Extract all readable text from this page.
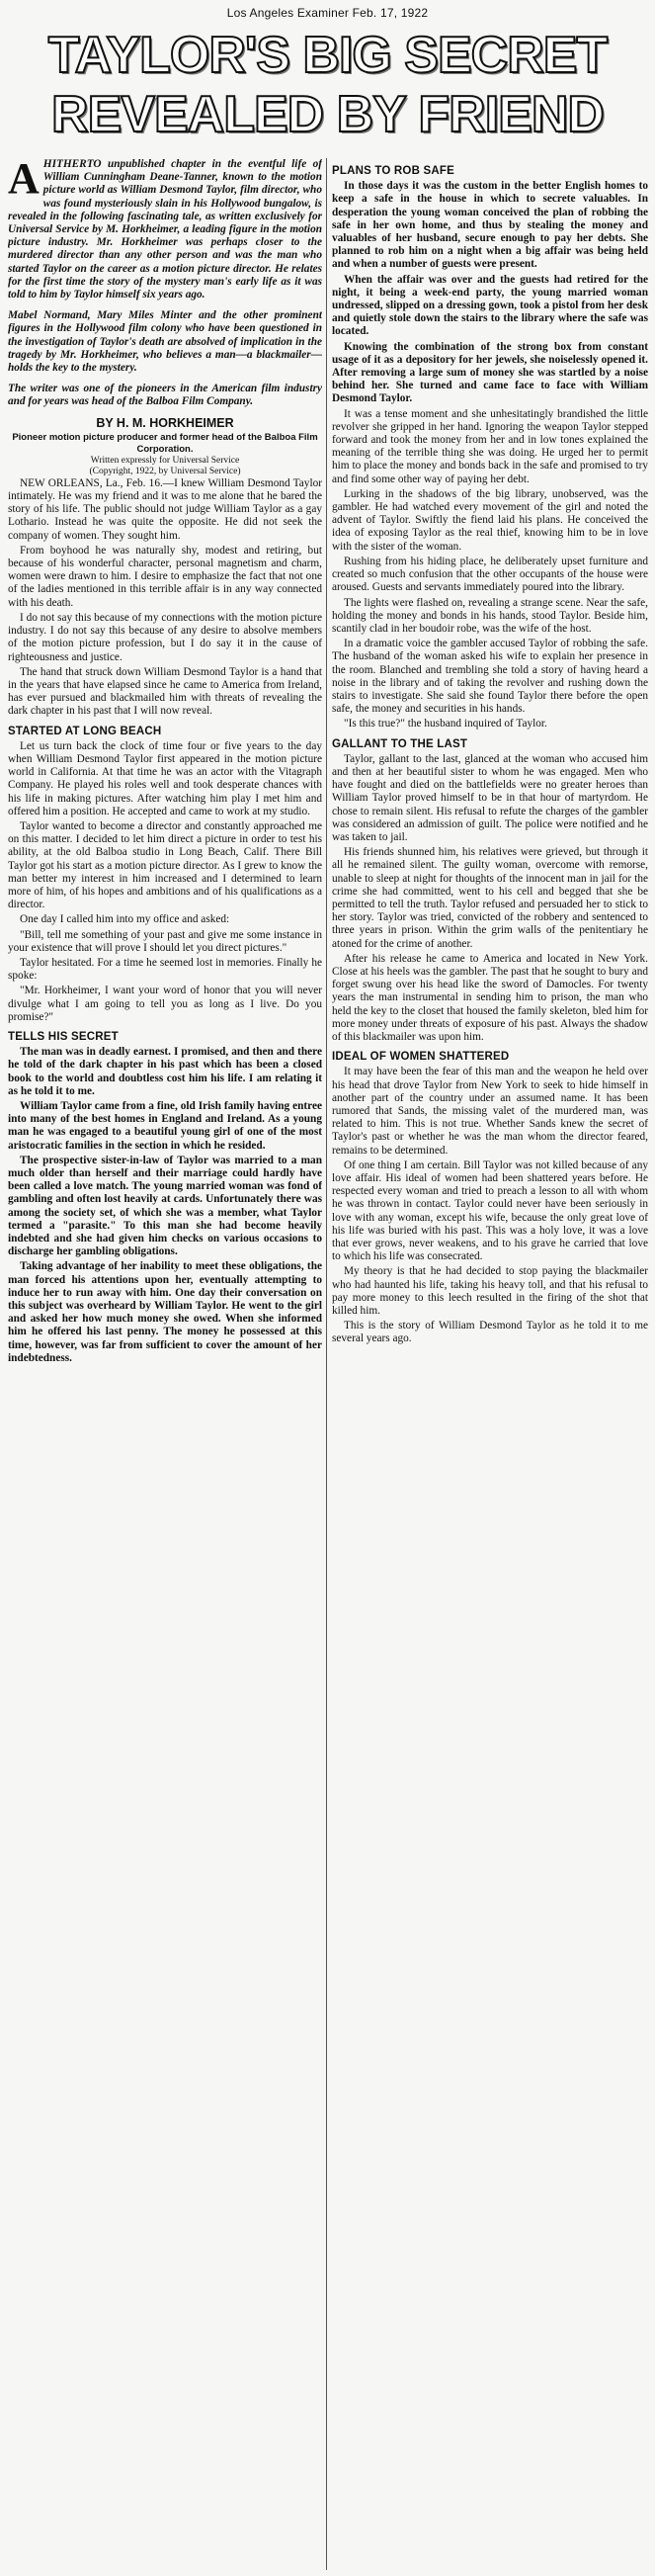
Los Angeles Examiner Feb. 17, 1922
TAYLOR'S BIG SECRET
REVEALED BY FRIEND

AHITHERTO unpublished chapter in the eventful life of William Cunningham Deane-Tanner, known to the motion picture world as William Desmond Taylor, film director, who was found mysteriously slain in his Hollywood bungalow, is revealed in the following fascinating tale, as written exclusively for Universal Service by M. Horkheimer, a leading figure in the motion picture industry. Mr. Horkheimer was perhaps closer to the murdered director than any other person and was the man who started Taylor on the career as a motion picture director. He relates for the first time the story of the mystery man's early life as it was told to him by Taylor himself six years ago.

Mabel Normand, Mary Miles Minter and the other prominent figures in the Hollywood film colony who have been questioned in the investigation of Taylor's death are absolved of implication in the tragedy by Mr. Horkheimer, who believes a man—a blackmailer—holds the key to the mystery.

The writer was one of the pioneers in the American film industry and for years was head of the Balboa Film Company.

BY H. M. HORKHEIMER

Pioneer motion picture producer and former head of the Balboa Film Corporation.

Written expressly for Universal Service

(Copyright, 1922, by Universal Service)

NEW ORLEANS, La., Feb. 16.—I knew William Desmond Taylor intimately. He was my friend and it was to me alone that he bared the story of his life. The public should not judge William Taylor as a gay Lothario. Instead he was quite the opposite. He did not seek the company of women. They sought him.

From boyhood he was naturally shy, modest and retiring, but because of his wonderful character, personal magnetism and charm, women were drawn to him. I desire to emphasize the fact that not one of the ladies mentioned in this terrible affair is in any way connected with his death.

I do not say this because of my connections with the motion picture industry. I do not say this because of any desire to absolve members of the motion picture profession, but I do say it in the cause of righteousness and justice.

The hand that struck down William Desmond Taylor is a hand that in the years that have elapsed since he came to America from Ireland, has ever pursued and blackmailed him with threats of revealing the dark chapter in his past that I will now reveal.

STARTED AT LONG BEACH

Let us turn back the clock of time four or five years to the day when William Desmond Taylor first appeared in the motion picture world in California. At that time he was an actor with the Vitagraph Company. He played his roles well and took desperate chances with his life in making pictures. After watching him play I met him and offered him a position. He accepted and came to work at my studio.

Taylor wanted to become a director and constantly approached me on this matter. I decided to let him direct a picture in order to test his ability, at the old Balboa studio in Long Beach, Calif. There Bill Taylor got his start as a motion picture director. As I grew to know the man better my interest in him increased and I determined to learn more of him, of his hopes and ambitions and of his qualifications as a director.

One day I called him into my office and asked:

"Bill, tell me something of your past and give me some instance in your existence that will prove I should let you direct pictures."

Taylor hesitated. For a time he seemed lost in memories. Finally he spoke:

"Mr. Horkheimer, I want your word of honor that you will never divulge what I am going to tell you as long as I live. Do you promise?"

TELLS HIS SECRET

The man was in deadly earnest. I promised, and then and there he told of the dark chapter in his past which has been a closed book to the world and doubtless cost him his life. I am relating it as he told it to me.

William Taylor came from a fine, old Irish family having entree into many of the best homes in England and Ireland. As a young man he was engaged to a beautiful young girl of one of the most aristocratic families in the section in which he resided.

The prospective sister-in-law of Taylor was married to a man much older than herself and their marriage could hardly have been called a love match. The young married woman was fond of gambling and often lost heavily at cards. Unfortunately there was among the society set, of which she was a member, what Taylor termed a "parasite." To this man she had become heavily indebted and she had given him checks on various occasions to discharge her gambling obligations.

Taking advantage of her inability to meet these obligations, the man forced his attentions upon her, eventually attempting to induce her to run away with him. One day their conversation on this subject was overheard by William Taylor. He went to the girl and asked her how much money she owed. When she informed him he offered his last penny. The money he possessed at this time, however, was far from sufficient to cover the amount of her indebtedness.

PLANS TO ROB SAFE

In those days it was the custom in the better English homes to keep a safe in the house in which to secrete valuables. In desperation the young woman conceived the plan of robbing the safe in her own home, and thus by stealing the money and valuables of her husband, secure enough to pay her debts. She planned to rob him on a night when a big affair was being held and when a number of guests were present.

When the affair was over and the guests had retired for the night, it being a week-end party, the young married woman undressed, slipped on a dressing gown, took a pistol from her desk and quietly stole down the stairs to the library where the safe was located.

Knowing the combination of the strong box from constant usage of it as a depository for her jewels, she noiselessly opened it. After removing a large sum of money she was startled by a noise behind her. She turned and came face to face with William Desmond Taylor.

It was a tense moment and she unhesitatingly brandished the little revolver she gripped in her hand. Ignoring the weapon Taylor stepped forward and took the money from her and in low tones explained the meaning of the terrible thing she was doing. He urged her to permit him to place the money and bonds back in the safe and promised to try and find some other way of paying her debt.

Lurking in the shadows of the big library, unobserved, was the gambler. He had watched every movement of the girl and noted the advent of Taylor. Swiftly the fiend laid his plans. He conceived the idea of exposing Taylor as the real thief, knowing him to be in love with the sister of the woman.

Rushing from his hiding place, he deliberately upset furniture and created so much confusion that the other occupants of the house were aroused. Guests and servants immediately poured into the library.

The lights were flashed on, revealing a strange scene. Near the safe, holding the money and bonds in his hands, stood Taylor. Beside him, scantily clad in her boudoir robe, was the wife of the host.

In a dramatic voice the gambler accused Taylor of robbing the safe. The husband of the woman asked his wife to explain her presence in the room. Blanched and trembling she told a story of having heard a noise in the library and of taking the revolver and rushing down the stairs to investigate. She said she found Taylor there before the open safe, the money and securities in his hands.

"Is this true?" the husband inquired of Taylor.

GALLANT TO THE LAST

Taylor, gallant to the last, glanced at the woman who accused him and then at her beautiful sister to whom he was engaged. Men who have fought and died on the battlefields were no greater heroes than William Taylor proved himself to be in that hour of martyrdom. He chose to remain silent. His refusal to refute the charges of the gambler was considered an admission of guilt. The police were notified and he was taken to jail.

His friends shunned him, his relatives were grieved, but through it all he remained silent. The guilty woman, overcome with remorse, unable to sleep at night for thoughts of the innocent man in jail for the crime she had committed, went to his cell and begged that she be permitted to tell the truth. Taylor refused and persuaded her to stick to her story. Taylor was tried, convicted of the robbery and sentenced to three years in prison. Within the grim walls of the penitentiary he atoned for the crime of another.

After his release he came to America and located in New York. Close at his heels was the gambler. The past that he sought to bury and forget swung over his head like the sword of Damocles. For twenty years the man instrumental in sending him to prison, the man who held the key to the closet that housed the family skeleton, bled him for more money under threats of exposure of his past. Always the shadow of this blackmailer was upon him.

IDEAL OF WOMEN SHATTERED

It may have been the fear of this man and the weapon he held over his head that drove Taylor from New York to seek to hide himself in another part of the country under an assumed name. It has been rumored that Sands, the missing valet of the murdered man, was related to him. This is not true. Whether Sands knew the secret of Taylor's past or whether he was the man whom the director feared, remains to be determined.

Of one thing I am certain. Bill Taylor was not killed because of any love affair. His ideal of women had been shattered years before. He respected every woman and tried to preach a lesson to all with whom he was thrown in contact. Taylor could never have been seriously in love with any woman, except his wife, because the only great love of his life was buried with his past. This was a holy love, it was a love that ever grows, never weakens, and to his grave he carried that love to which his life was consecrated.

My theory is that he had decided to stop paying the blackmailer who had haunted his life, taking his heavy toll, and that his refusal to pay more money to this leech resulted in the firing of the shot that killed him.

This is the story of William Desmond Taylor as he told it to me several years ago.
